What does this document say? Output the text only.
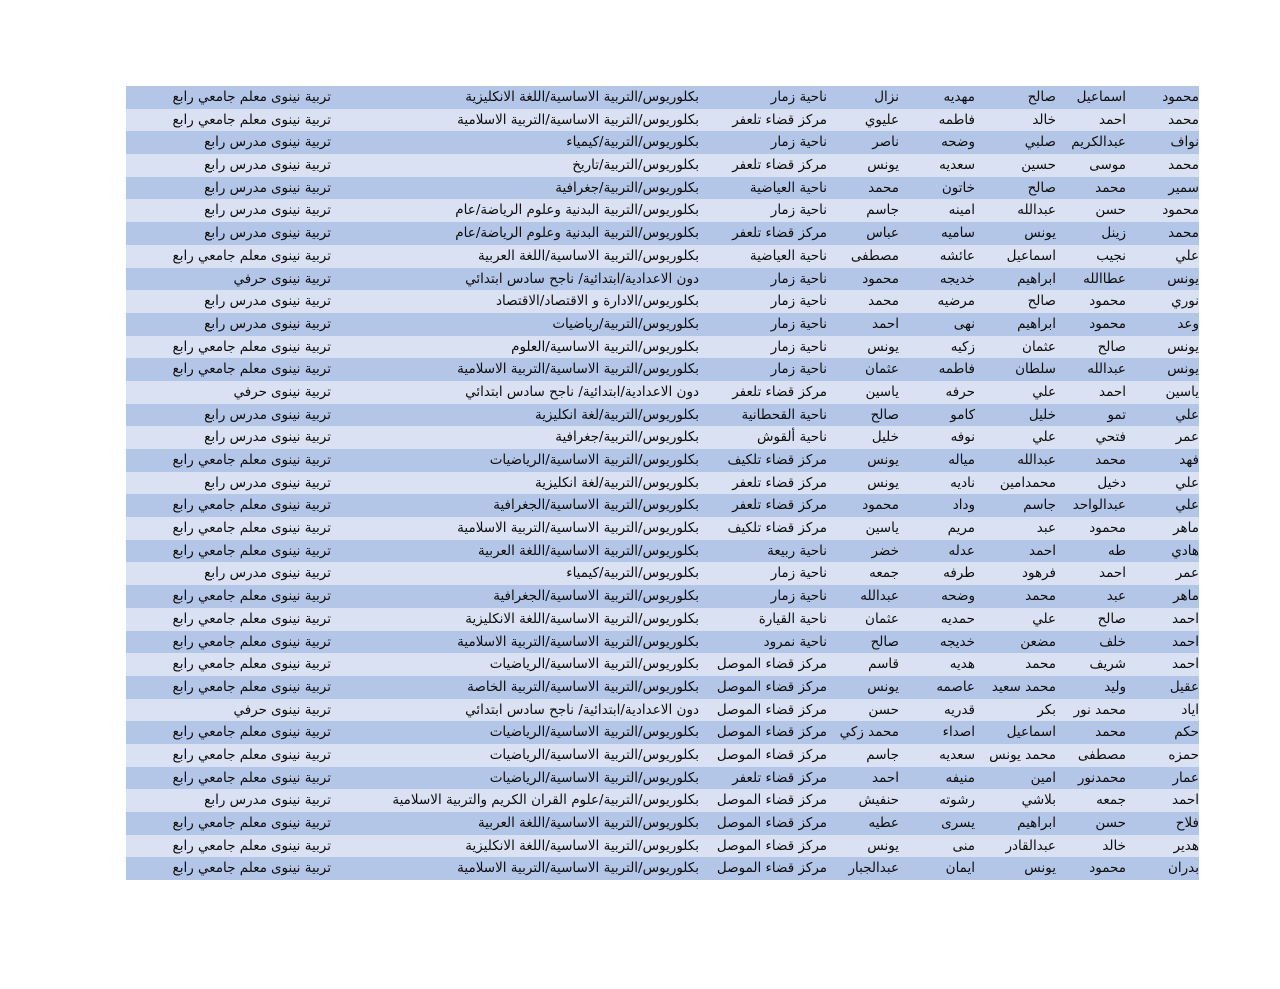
محمود
اسماعيل
صالح
مهديه
نزال
ناحية زمار
بكلوريوس/التربية الاساسية/اللغة الانكليزية
تربية نينوى
معلم جامعي رابع
محمد
احمد
خالد
فاطمه
عليوي
مركز قضاء تلعفر
بكلوريوس/التربية الاساسية/التربية الاسلامية
تربية نينوى
معلم جامعي رابع
نواف
عبدالكريم
صلبي
وضحه
ناصر
ناحية زمار
بكلوريوس/التربية/كيمياء
تربية نينوى
مدرس رابع
محمد
موسى
حسين
سعديه
يونس
مركز قضاء تلعفر
بكلوريوس/التربية/تاريخ
تربية نينوى
مدرس رابع
سمير
محمد
صالح
خاتون
محمد
ناحية العياضية
بكلوريوس/التربية/جغرافية
تربية نينوى
مدرس رابع
محمود
حسن
عبدالله
امينه
جاسم
ناحية زمار
بكلوريوس/التربية البدنية وعلوم الرياضة/عام
تربية نينوى
مدرس رابع
محمد
زينل
يونس
ساميه
عباس
مركز قضاء تلعفر
بكلوريوس/التربية البدنية وعلوم الرياضة/عام
تربية نينوى
مدرس رابع
علي
نجيب
اسماعيل
عائشه
مصطفى
ناحية العياضية
بكلوريوس/التربية الاساسية/اللغة العربية
تربية نينوى
معلم جامعي رابع
يونس
عطاالله
ابراهيم
خديجه
محمود
ناحية زمار
دون الاعدادية/ابتدائية/ ناجح سادس ابتدائي
تربية نينوى
حرفي
نوري
محمود
صالح
مرضيه
محمد
ناحية زمار
بكلوريوس/الادارة و الاقتصاد/الاقتصاد
تربية نينوى
مدرس رابع
وعد
محمود
ابراهيم
نهى
احمد
ناحية زمار
بكلوريوس/التربية/رياضيات
تربية نينوى
مدرس رابع
يونس
صالح
عثمان
زكيه
يونس
ناحية زمار
بكلوريوس/التربية الاساسية/العلوم
تربية نينوى
معلم جامعي رابع
يونس
عبدالله
سلطان
فاطمه
عثمان
ناحية زمار
بكلوريوس/التربية الاساسية/التربية الاسلامية
تربية نينوى
معلم جامعي رابع
ياسين
احمد
علي
حرفه
ياسين
مركز قضاء تلعفر
دون الاعدادية/ابتدائية/ ناجح سادس ابتدائي
تربية نينوى
حرفي
علي
تمو
خليل
كامو
صالح
ناحية القحطانية
بكلوريوس/التربية/لغة انكليزية
تربية نينوى
مدرس رابع
عمر
فتحي
علي
نوفه
خليل
ناحية ألقوش
بكلوريوس/التربية/جغرافية
تربية نينوى
مدرس رابع
فهد
محمد
عبدالله
مياله
يونس
مركز قضاء تلكيف
بكلوريوس/التربية الاساسية/الرياضيات
تربية نينوى
معلم جامعي رابع
علي
دخيل
محمدامين
ناديه
يونس
مركز قضاء تلعفر
بكلوريوس/التربية/لغة انكليزية
تربية نينوى
مدرس رابع
علي
عبدالواحد
جاسم
وداد
محمود
مركز قضاء تلعفر
بكلوريوس/التربية الاساسية/الجغرافية
تربية نينوى
معلم جامعي رابع
ماهر
محمود
عبد
مريم
ياسين
مركز قضاء تلكيف
بكلوريوس/التربية الاساسية/التربية الاسلامية
تربية نينوى
معلم جامعي رابع
هادي
طه
احمد
عدله
خضر
ناحية ربيعة
بكلوريوس/التربية الاساسية/اللغة العربية
تربية نينوى
معلم جامعي رابع
عمر
احمد
فرهود
طرفه
جمعه
ناحية زمار
بكلوريوس/التربية/كيمياء
تربية نينوى
مدرس رابع
ماهر
عبد
محمد
وضحه
عبدالله
ناحية زمار
بكلوريوس/التربية الاساسية/الجغرافية
تربية نينوى
معلم جامعي رابع
احمد
صالح
علي
حمديه
عثمان
ناحية القيارة
بكلوريوس/التربية الاساسية/اللغة الانكليزية
تربية نينوى
معلم جامعي رابع
احمد
خلف
مضعن
خديجه
صالح
ناحية نمرود
بكلوريوس/التربية الاساسية/التربية الاسلامية
تربية نينوى
معلم جامعي رابع
احمد
شريف
محمد
هديه
قاسم
مركز قضاء الموصل
بكلوريوس/التربية الاساسية/الرياضيات
تربية نينوى
معلم جامعي رابع
عقيل
وليد
محمد سعيد
عاصمه
يونس
مركز قضاء الموصل
بكلوريوس/التربية الاساسية/التربية الخاصة
تربية نينوى
معلم جامعي رابع
اياد
محمد نور
بكر
قدريه
حسن
مركز قضاء الموصل
دون الاعدادية/ابتدائية/ ناجح سادس ابتدائي
تربية نينوى
حرفي
حكم
محمد
اسماعيل
اصداء
محمد زكي
مركز قضاء الموصل
بكلوريوس/التربية الاساسية/الرياضيات
تربية نينوى
معلم جامعي رابع
حمزه
مصطفى
محمد يونس
سعديه
جاسم
مركز قضاء الموصل
بكلوريوس/التربية الاساسية/الرياضيات
تربية نينوى
معلم جامعي رابع
عمار
محمدنور
امين
منيفه
احمد
مركز قضاء تلعفر
بكلوريوس/التربية الاساسية/الرياضيات
تربية نينوى
معلم جامعي رابع
احمد
جمعه
بلاشي
رشوته
حنفيش
مركز قضاء الموصل
بكلوريوس/التربية/علوم القران الكريم والتربية الاسلامية
تربية نينوى
مدرس رابع
فلاح
حسن
ابراهيم
يسرى
عطيه
مركز قضاء الموصل
بكلوريوس/التربية الاساسية/اللغة العربية
تربية نينوى
معلم جامعي رابع
هدير
خالد
عبدالقادر
منى
يونس
مركز قضاء الموصل
بكلوريوس/التربية الاساسية/اللغة الانكليزية
تربية نينوى
معلم جامعي رابع
بدران
محمود
يونس
ايمان
عبدالجبار
مركز قضاء الموصل
بكلوريوس/التربية الاساسية/التربية الاسلامية
تربية نينوى
معلم جامعي رابع
